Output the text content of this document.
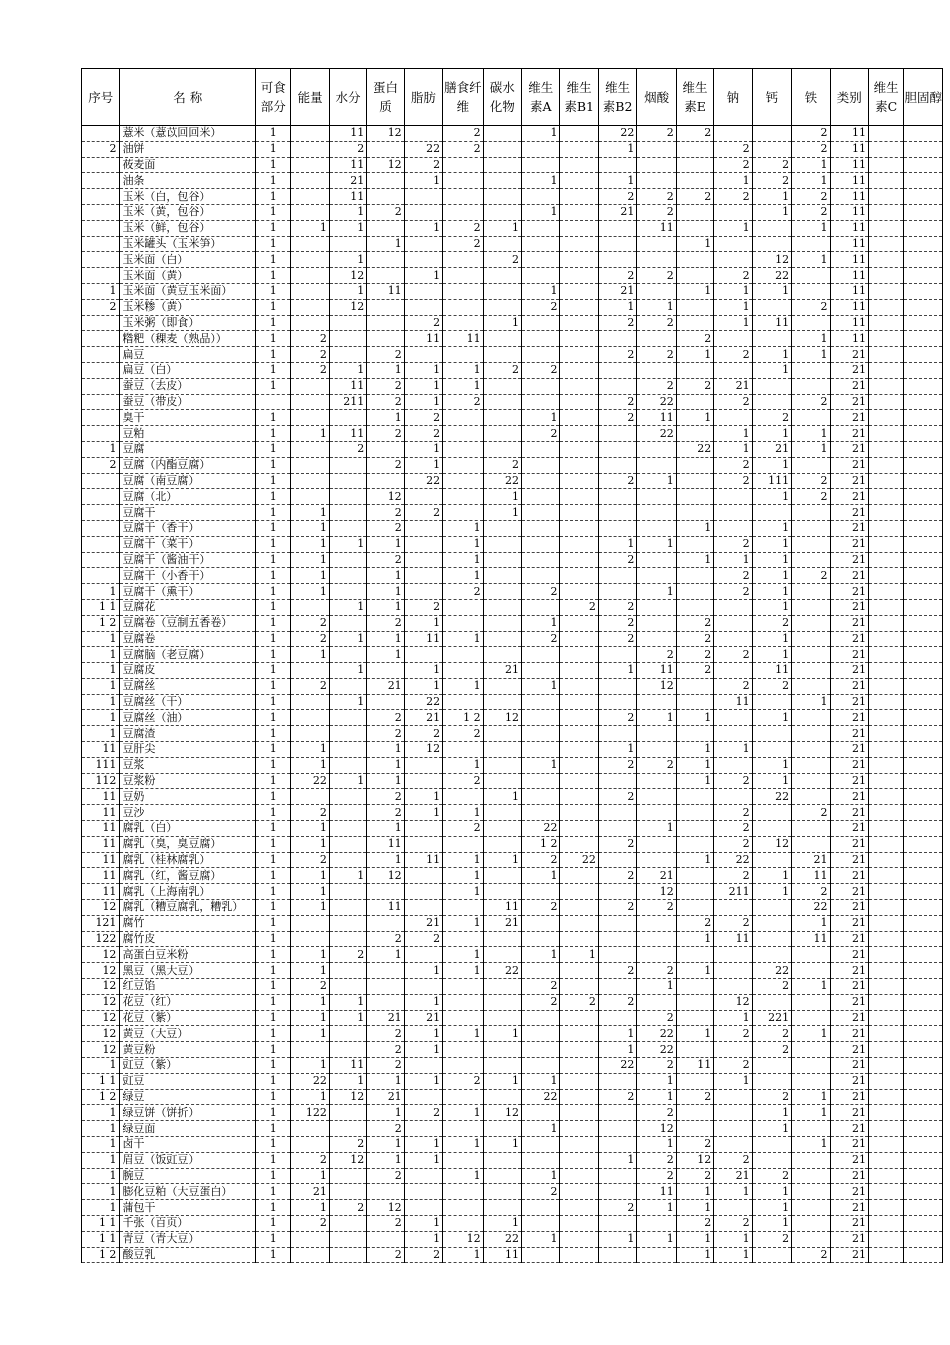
序号	名 称	可食部分	能量	水分	蛋白质	脂肪	膳食纤维	碳水化物	维生素A	维生素B1	维生素B2	烟酸	维生素E	钠	钙	铁	类别	维生素C	胆固醇
	薏米（薏苡回回米）	1		11	12		2		1		22	2	2			2	11		
2	油饼	1		2		22	2				1			2		2	11		
	莜麦面	1		11	12	2								2	2	1	11		
	油条	1		21		1			1		1			1	2	1	11		
	玉米（白，包谷）	1		11							2	2	2	2	1	2	11		
	玉米（黄，包谷）	1		1	2				1		21	2			1	2	11		
	玉米（鲜，包谷）	1	1	1		1	2	1				11		1		1	11		
	玉米罐头（玉米笋）	1			1		2						1				11		
	玉米面（白）	1		1				2							12	1	11		
	玉米面（黄）	1		12		1					2	2		2	22		11		
1	玉米面（黄豆玉米面）	1		1	11				1		21		1	1	1		11		
2	玉米糁（黄）	1		12					2		1	1		1		2	11		
	玉米粥（即食）	1				2		1			2	2		1	11		11		
	糌粑（稞麦（熟品））	1	2			11	11						2			1	11		
	扁豆	1	2		2						2	2	1	2	1	1	21		
	扁豆（白）	1	2	1	1	1	1	2	2						1		21		
	蚕豆（去皮）	1		11	2	1	1					2	2	21			21		
	蚕豆（带皮）			211	2	1	2				2	22		2		2	21		
	臭干	1			1	2			1		2	11	1		2		21		
	豆粕	1	1	11	2	2			2			22		1	1	1	21		
1	豆腐	1		2		1							22	1	21	1	21		
2	豆腐（内酯豆腐）	1			2	1		2						2	1		21		
	豆腐（南豆腐）	1				22		22			2	1		2	111	2	21		
	豆腐（北）	1			12			1							1	2	21		
	豆腐干	1	1		2	2		1									21		
	豆腐干（香干）	1	1		2		1						1		1		21		
	豆腐干（菜干）	1	1	1	1		1				1	1		2	1		21		
	豆腐干（酱油干）	1	1		2		1				2		1	1	1		21		
	豆腐干（小香干）	1	1		1		1							2	1	2	21		
1	豆腐干（熏干）	1	1		1		2		2			1		2	1		21		
1 1	豆腐花	1		1	1	2				2	2				1		21		
1 2	豆腐卷（豆制五香卷）	1	2		2	1			1		2		2		2		21		
1	豆腐卷	1	2	1	1	11	1		2		2		2		1		21		
1	豆腐脑（老豆腐）	1	1		1							2	2	2	1		21		
1	豆腐皮	1		1		1		21			1	11	2		11		21		
1	豆腐丝	1	2		21	1	1		1			12		2	2		21		
1	豆腐丝（干）	1		1		22								11		1	21		
1	豆腐丝（油）	1			2	21	1 2	12			2	1	1		1		21		
1	豆腐渣	1			2	2	2										21		
11	豆肝尖	1	1		1	12					1		1	1			21		
111	豆浆	1	1		1		1		1		2	2	1		1		21		
112	豆浆粉	1	22	1	1		2						1	2	1		21		
11	豆奶	1			2	1		1			2				22		21		
11	豆沙	1	2		2	1	1							2		2	21		
11	腐乳（白）	1	1		1		2		22			1		2			21		
11	腐乳（臭，臭豆腐）	1	1		11				1 2		2			2	12		21		
11	腐乳（桂林腐乳）	1	2		1	11	1	1	2	22			1	22		21	21		
11	腐乳（红，酱豆腐）	1	1	1	12		1		1		2	21		2	1	11	21		
11	腐乳（上海南乳）	1	1				1					12		211	1	2	21		
12	腐乳（糟豆腐乳，糟乳）	1	1		11			11	2		2	2				22	21		
121	腐竹	1				21	1	21					2	2		1	21		
122	腐竹皮	1			2	2							1	11		11	21		
12	高蛋白豆米粉	1	1	2	1		1		1	1							21		
12	黑豆（黑大豆）	1	1			1	1	22			2	2	1		22		21		
12	红豆馅	1	2						2			1			2	1	21		
12	花豆（红）	1	1	1		1			2	2	2			12			21		
12	花豆（紫）	1	1	1	21	21						2		1	221		21		
12	黄豆（大豆）	1	1		2	1	1	1			1	22	1	2	2	1	21		
12	黄豆粉	1			2	1					1	22			2		21		
1	豇豆（紫）	1	1	11	2						22	2	11	2			21		
1 1	豇豆	1	22	1	1	1	2	1	1			1		1			21		
1 2	绿豆	1	1	12	21				22		2	1	2		2	1	21		
1	绿豆饼（饼折）	1	122		1	2	1	12				2			1	1	21		
1	绿豆面	1			2				1			12			1		21		
1	卤干	1		2	1	1	1	1				1	2			1	21		
1	眉豆（饭豇豆）	1	2	12	1	1					1	2	12	2			21		
1	腕豆	1	1		2		1		1			2	2	21	2		21		
1	膨化豆粕（大豆蛋白）	1	21						2			11	1	1	1		21		
1	蒲包干	1	1	2	12						2	1	1		1		21		
1 1	千张（百页）	1	2		2	1		1					2	2	1		21		
1 1	青豆（青大豆）	1				1	12	22	1		1	1	1	1	2		21		
1 2	酸豆乳	1			2	2	1	11					1	1		2	21		
